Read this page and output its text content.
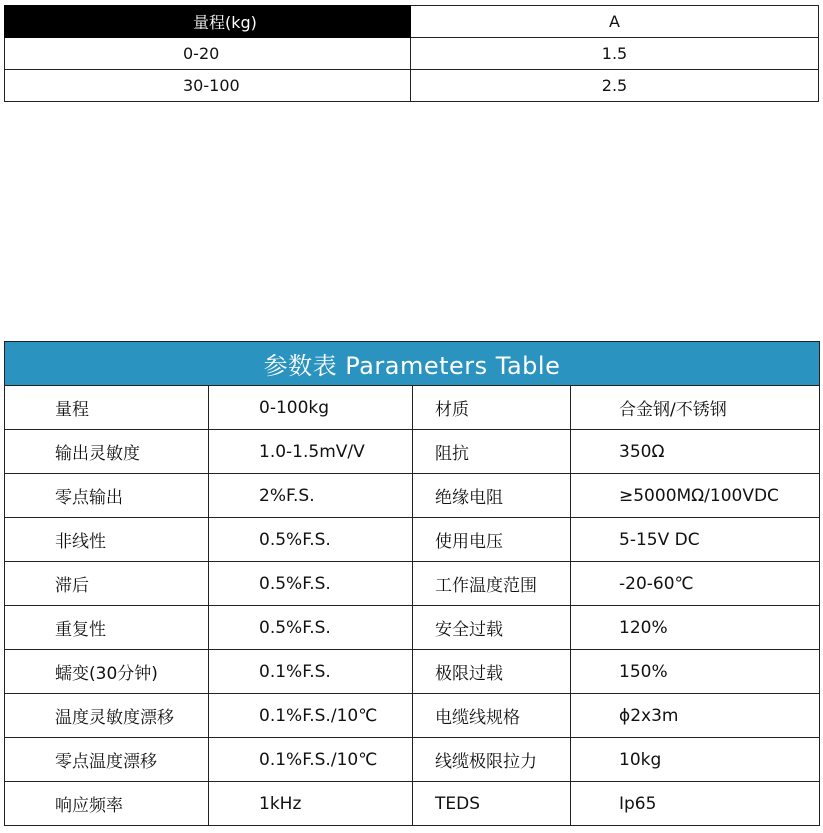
量程(kg)	A
0-20	1.5
30-100	2.5
参数表 Parameters Table			
量程	0-100kg	材质	合金钢/不锈钢
输出灵敏度	1.0-1.5mV/V	阻抗	350Ω
零点输出	2%F.S.	绝缘电阻	≥5000MΩ/100VDC
非线性	0.5%F.S.	使用电压	5-15V DC
滞后	0.5%F.S.	工作温度范围	-20-60℃
重复性	0.5%F.S.	安全过载	120%
蠕变(30分钟)	0.1%F.S.	极限过载	150%
温度灵敏度漂移	0.1%F.S./10℃	电缆线规格	ϕ2x3m
零点温度漂移	0.1%F.S./10℃	线缆极限拉力	10kg
响应频率	1kHz	TEDS	Ip65
